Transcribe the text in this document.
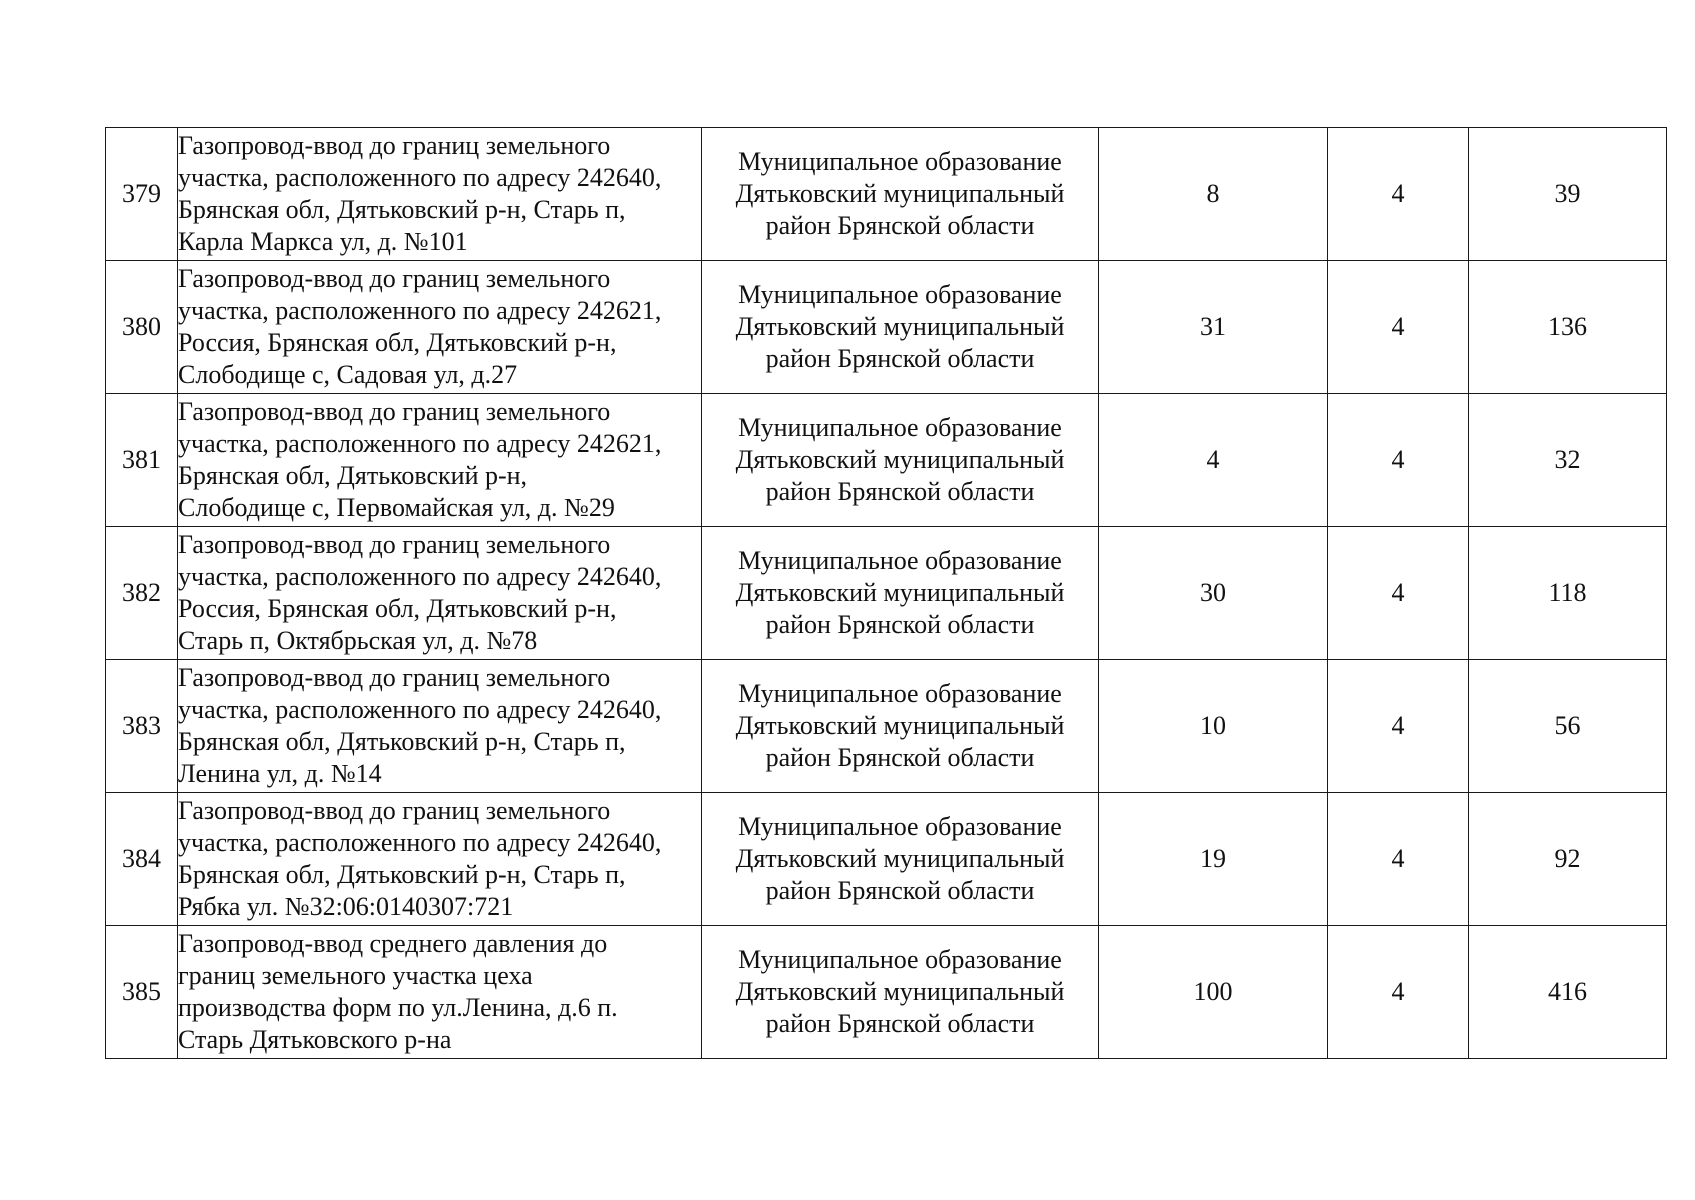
379	Газопровод-ввод до границ земельного
участка, расположенного по адресу 242640,
Брянская обл, Дятьковский р-н, Старь п,
Карла Маркса ул, д. №101	Муниципальное образование
Дятьковский муниципальный
район Брянской области	8	4	39
380	Газопровод-ввод до границ земельного
участка, расположенного по адресу 242621,
Россия, Брянская обл, Дятьковский р-н,
Слободище с, Садовая ул, д.27	Муниципальное образование
Дятьковский муниципальный
район Брянской области	31	4	136
381	Газопровод-ввод до границ земельного
участка, расположенного по адресу 242621,
Брянская обл, Дятьковский р-н,
Слободище с, Первомайская ул, д. №29	Муниципальное образование
Дятьковский муниципальный
район Брянской области	4	4	32
382	Газопровод-ввод до границ земельного
участка, расположенного по адресу 242640,
Россия, Брянская обл, Дятьковский р-н,
Старь п, Октябрьская ул, д. №78	Муниципальное образование
Дятьковский муниципальный
район Брянской области	30	4	118
383	Газопровод-ввод до границ земельного
участка, расположенного по адресу 242640,
Брянская обл, Дятьковский р-н, Старь п,
Ленина ул, д. №14	Муниципальное образование
Дятьковский муниципальный
район Брянской области	10	4	56
384	Газопровод-ввод до границ земельного
участка, расположенного по адресу 242640,
Брянская обл, Дятьковский р-н, Старь п,
Рябка ул. №32:06:0140307:721	Муниципальное образование
Дятьковский муниципальный
район Брянской области	19	4	92
385	Газопровод-ввод среднего давления до
границ земельного участка цеха
производства форм по ул.Ленина, д.6 п.
Старь Дятьковского р-на	Муниципальное образование
Дятьковский муниципальный
район Брянской области	100	4	416
